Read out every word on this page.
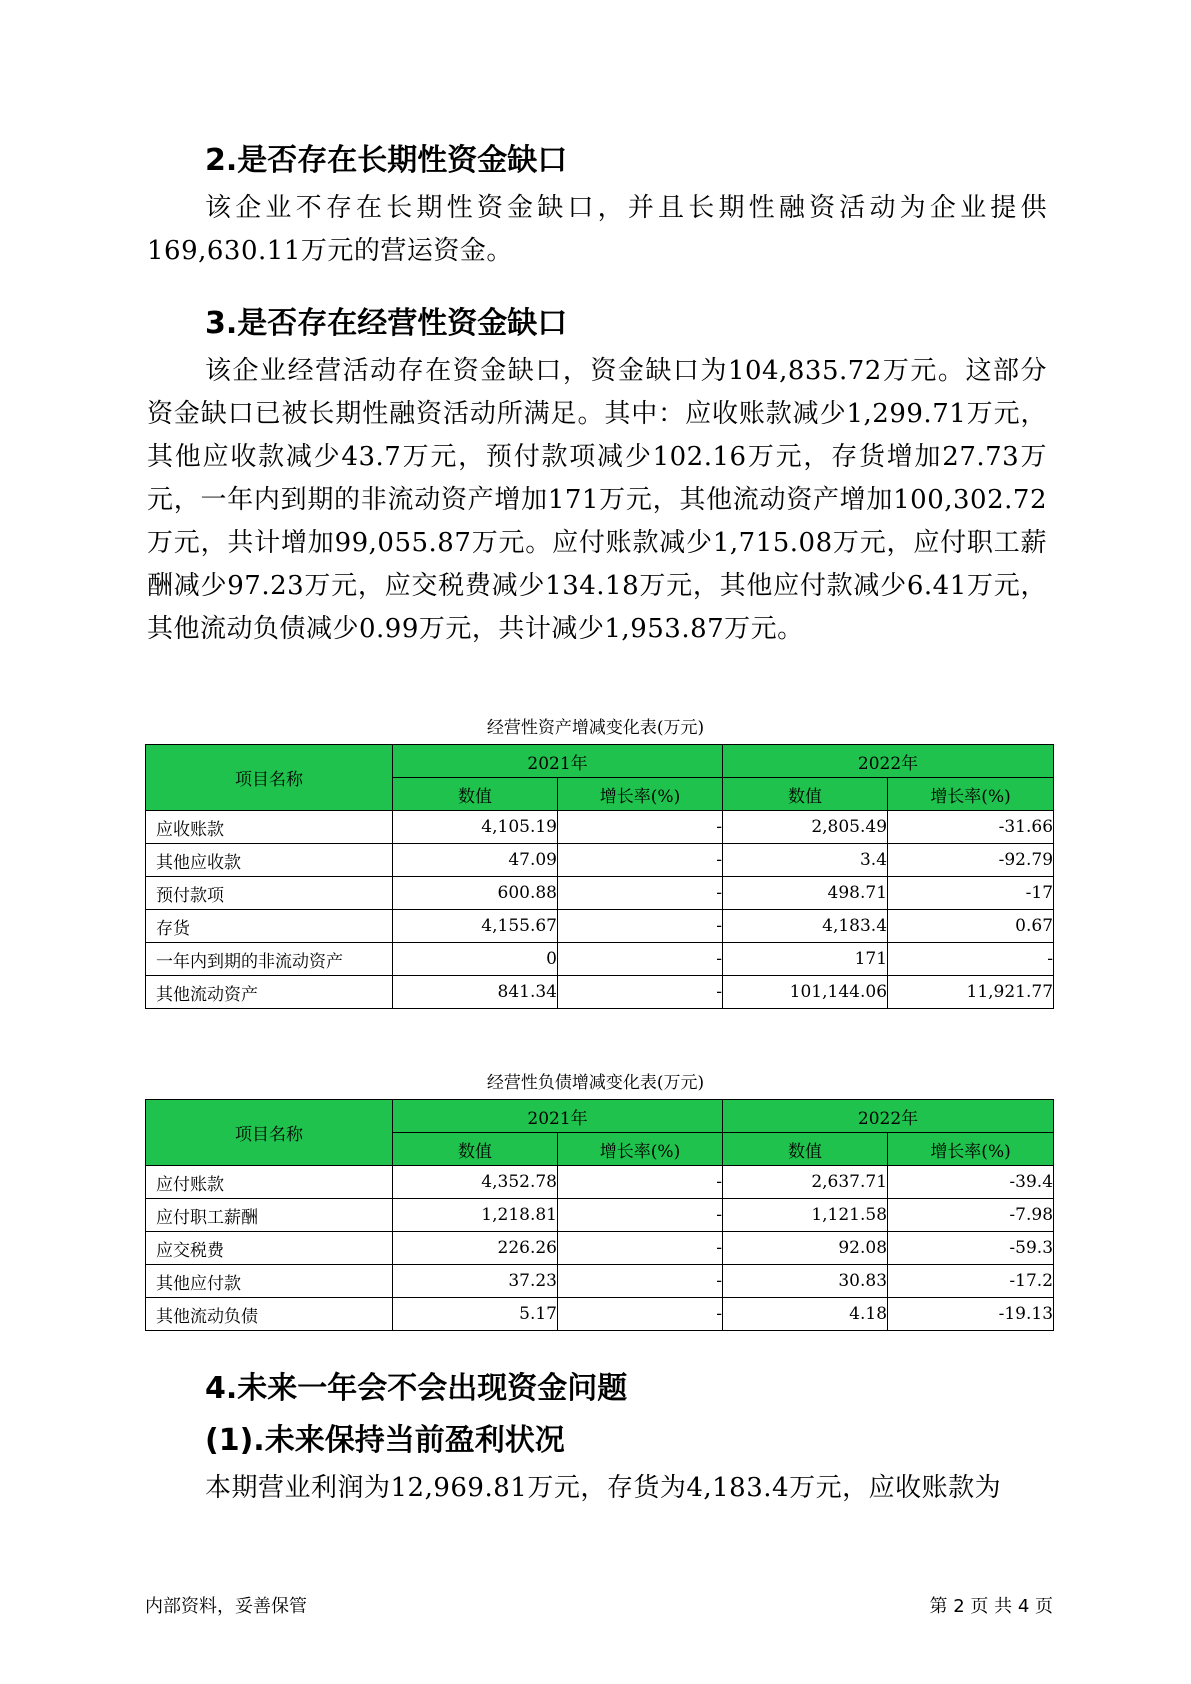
2.是否存在长期性资金缺口

该企业不存在长期性资金缺口，并且长期性融资活动为企业提供169,630.11万元的营运资金。

3.是否存在经营性资金缺口

该企业经营活动存在资金缺口，资金缺口为104,835.72万元。这部分资金缺口已被长期性融资活动所满足。其中：应收账款减少1,299.71万元，其他应收款减少43.7万元，预付款项减少102.16万元，存货增加27.73万元，一年内到期的非流动资产增加171万元，其他流动资产增加100,302.72万元，共计增加99,055.87万元。应付账款减少1,715.08万元，应付职工薪酬减少97.23万元，应交税费减少134.18万元，其他应付款减少6.41万元，其他流动负债减少0.99万元，共计减少1,953.87万元。

经营性资产增减变化表(万元)
项目名称	2021年		2022年	
	数值	增长率(%)	数值	增长率(%)
应收账款	4,105.19	-	2,805.49	-31.66
其他应收款	47.09	-	3.4	-92.79
预付款项	600.88	-	498.71	-17
存货	4,155.67	-	4,183.4	0.67
一年内到期的非流动资产	0	-	171	-
其他流动资产	841.34	-	101,144.06	11,921.77
经营性负债增减变化表(万元)
项目名称	2021年		2022年	
	数值	增长率(%)	数值	增长率(%)
应付账款	4,352.78	-	2,637.71	-39.4
应付职工薪酬	1,218.81	-	1,121.58	-7.98
应交税费	226.26	-	92.08	-59.3
其他应付款	37.23	-	30.83	-17.2
其他流动负债	5.17	-	4.18	-19.13
4.未来一年会不会出现资金问题
(1).未来保持当前盈利状况

本期营业利润为12,969.81万元，存货为4,183.4万元，应收账款为

内部资料，妥善保管	第 2 页 共 4 页
